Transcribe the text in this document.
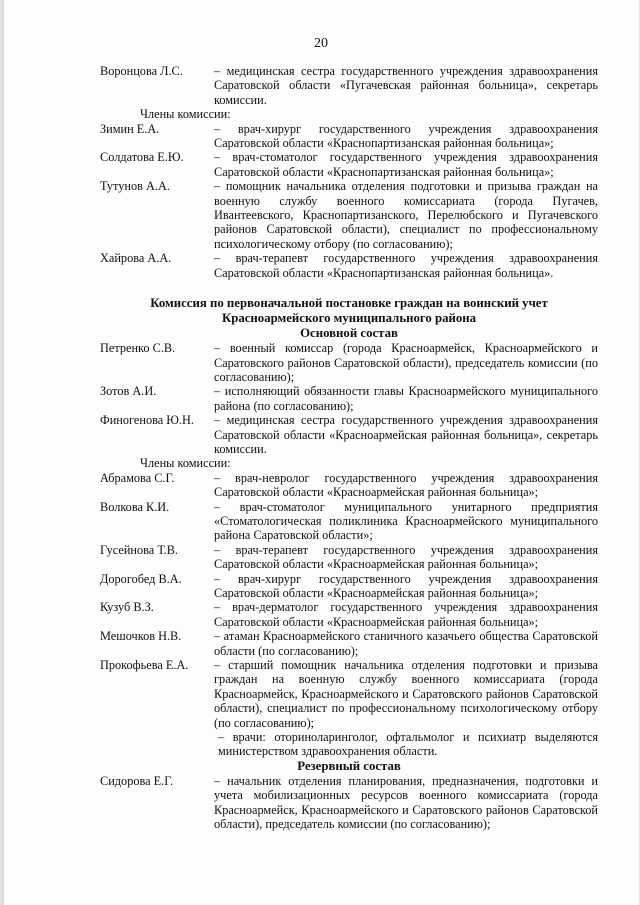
20
Воронцова Л.С.	– медицинская сестра государственного учреждения здравоохранения Саратовской области «Пугачевская районная больница», секретарь комиссии.
Члены комиссии:
Зимин Е.А.	– врач-хирург государственного учреждения здравоохранения Саратовской области «Краснопартизанская районная больница»;
Солдатова Е.Ю.	– врач-стоматолог государственного учреждения здравоохранения Саратовской области «Краснопартизанская районная больница»;
Тутунов А.А.	– помощник начальника отделения подготовки и призыва граждан на военную службу военного комиссариата (города Пугачев, Ивантеевского, Краснопартизанского, Перелюбского и Пугачевского районов Саратовской области), специалист по профессиональному психологическому отбору (по согласованию);
Хайрова А.А.	– врач-терапевт государственного учреждения здравоохранения Саратовской области «Краснопартизанская районная больница».
Комиссия по первоначальной постановке граждан на воинский учет
Красноармейского муниципального района
Основной состав
Петренко С.В.	– военный комиссар (города Красноармейск, Красноармейского и Саратовского районов Саратовской области), председатель комиссии (по согласованию);
Зотов А.И.	– исполняющий обязанности главы Красноармейского муниципального района (по согласованию);
Финогенова Ю.Н.	– медицинская сестра государственного учреждения здравоохранения Саратовской области «Красноармейская районная больница», секретарь комиссии.
Члены комиссии:
Абрамова С.Г.	– врач-невролог государственного учреждения здравоохранения Саратовской области «Красноармейская районная больница»;
Волкова К.И.	– врач-стоматолог муниципального унитарного предприятия «Стоматологическая поликлиника Красноармейского муниципального района Саратовской области»;
Гусейнова Т.В.	– врач-терапевт государственного учреждения здравоохранения Саратовской области «Красноармейская районная больница»;
Дорогобед В.А.	– врач-хирург государственного учреждения здравоохранения Саратовской области «Красноармейская районная больница»;
Кузуб В.З.	– врач-дерматолог государственного учреждения здравоохранения Саратовской области «Красноармейская районная больница»;
Мешочков Н.В.	– атаман Красноармейского станичного казачьего общества Саратовской области (по согласованию);
Прокофьева Е.А.	– старший помощник начальника отделения подготовки и призыва граждан на военную службу военного комиссариата (города Красноармейск, Красноармейского и Саратовского районов Саратовской области), специалист по профессиональному психологическому отбору (по согласованию);
– врачи: оториноларинголог, офтальмолог и психиатр выделяются министерством здравоохранения области.
Резервный состав
Сидорова Е.Г.	– начальник отделения планирования, предназначения, подготовки и учета мобилизационных ресурсов военного комиссариата (города Красноармейск, Красноармейского и Саратовского районов Саратовской области), председатель комиссии (по согласованию);
